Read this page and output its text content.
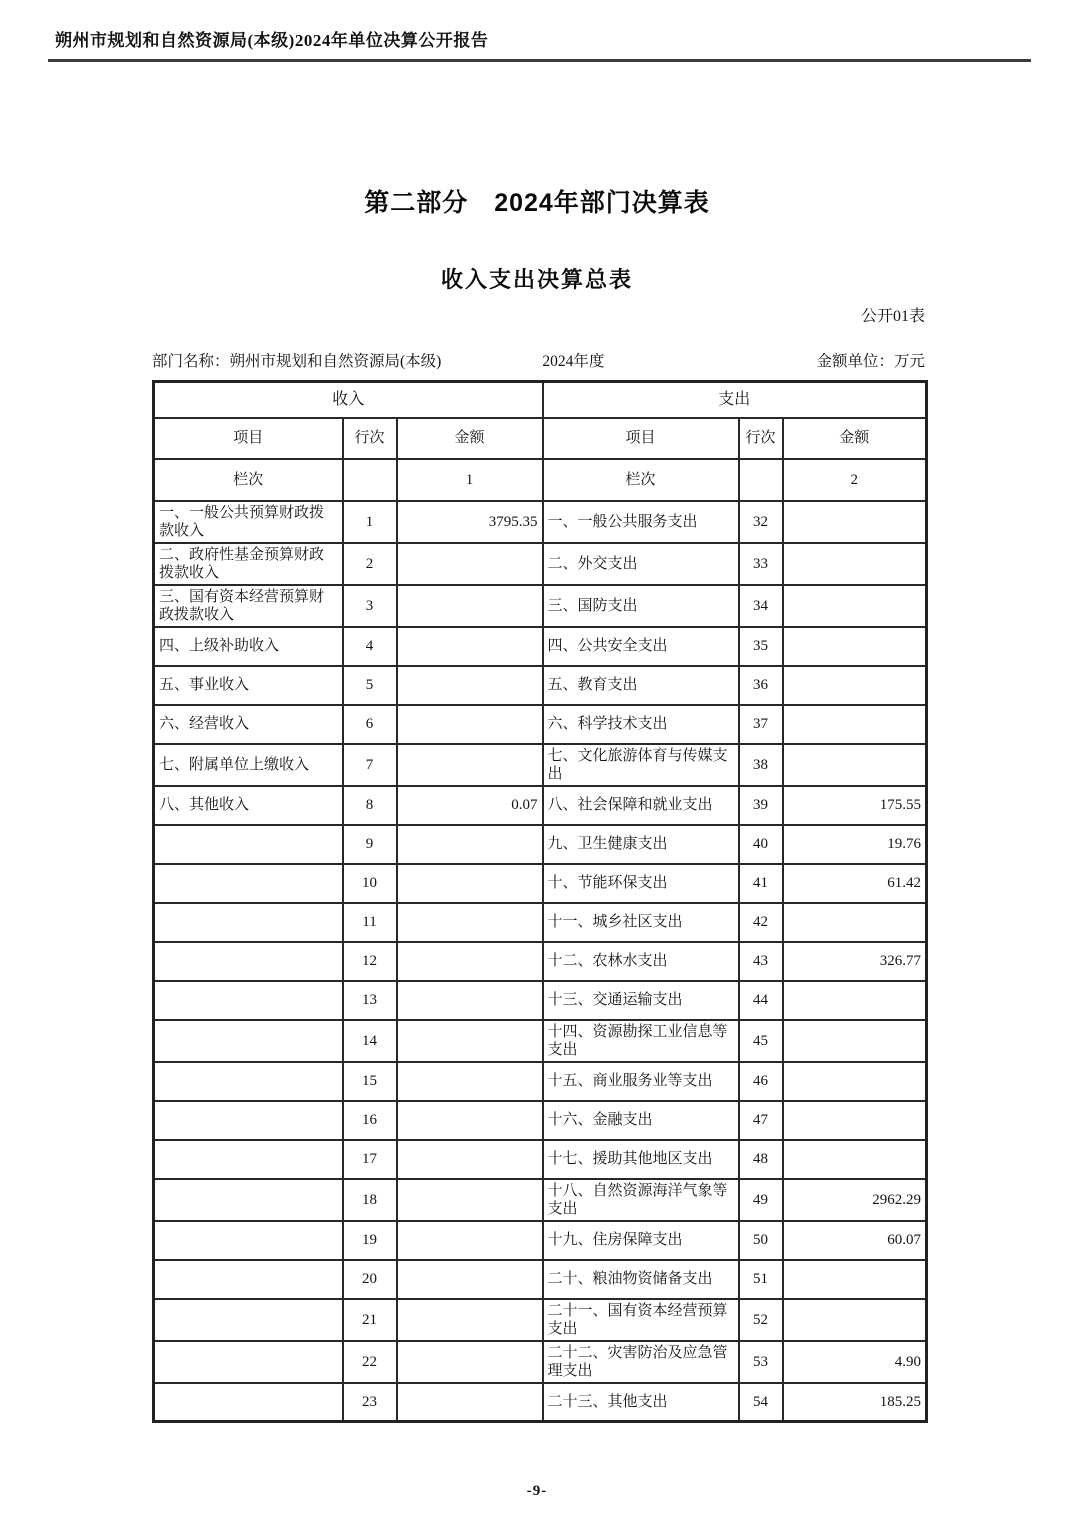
朔州市规划和自然资源局(本级)2024年单位决算公开报告
第二部分　2024年部门决算表
收入支出决算总表
公开01表
部门名称：朔州市规划和自然资源局(本级)	2024年度	金额单位：万元
收入			支出		
项目	行次	金额	项目	行次	金额
栏次		1	栏次		2
一、一般公共预算财政拨款收入	1	3795.35	一、一般公共服务支出	32	
二、政府性基金预算财政拨款收入	2		二、外交支出	33	
三、国有资本经营预算财政拨款收入	3		三、国防支出	34	
四、上级补助收入	4		四、公共安全支出	35	
五、事业收入	5		五、教育支出	36	
六、经营收入	6		六、科学技术支出	37	
七、附属单位上缴收入	7		七、文化旅游体育与传媒支出	38	
八、其他收入	8	0.07	八、社会保障和就业支出	39	175.55
	9		九、卫生健康支出	40	19.76
	10		十、节能环保支出	41	61.42
	11		十一、城乡社区支出	42	
	12		十二、农林水支出	43	326.77
	13		十三、交通运输支出	44	
	14		十四、资源勘探工业信息等支出	45	
	15		十五、商业服务业等支出	46	
	16		十六、金融支出	47	
	17		十七、援助其他地区支出	48	
	18		十八、自然资源海洋气象等支出	49	2962.29
	19		十九、住房保障支出	50	60.07
	20		二十、粮油物资储备支出	51	
	21		二十一、国有资本经营预算支出	52	
	22		二十二、灾害防治及应急管理支出	53	4.90
	23		二十三、其他支出	54	185.25
-9-
